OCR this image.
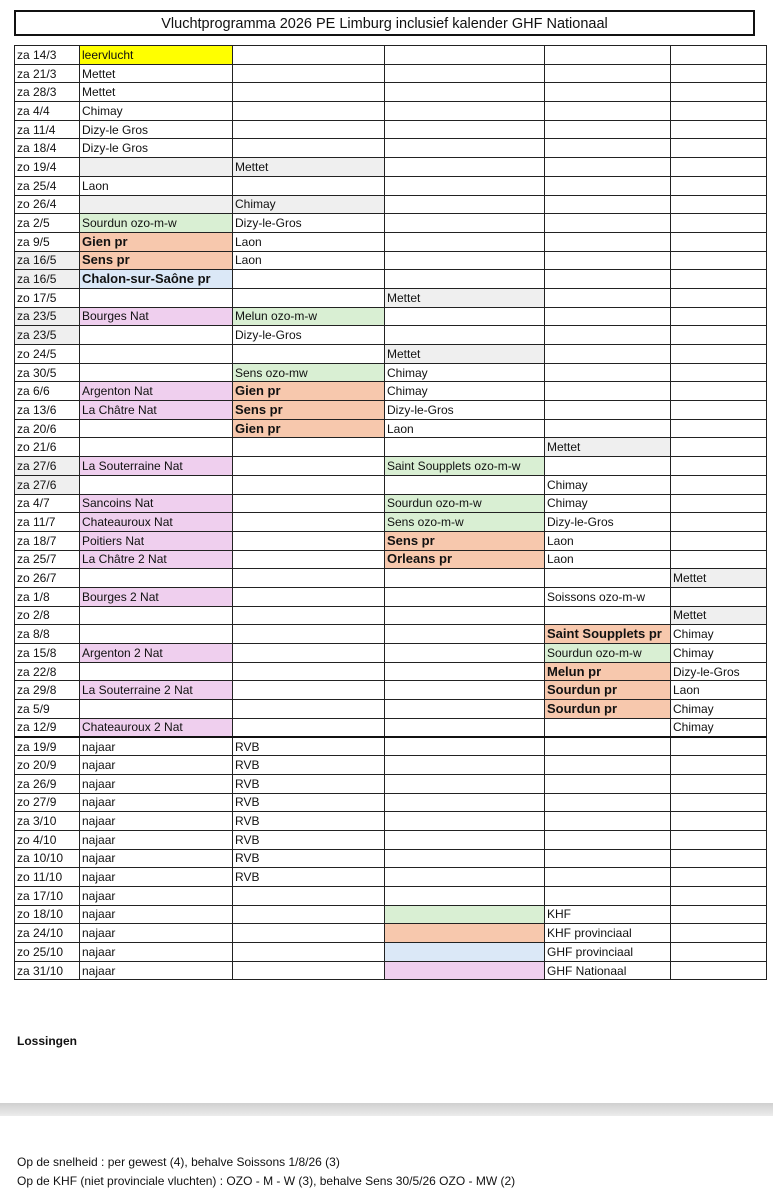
Vluchtprogramma 2026 PE Limburg inclusief kalender GHF Nationaal
za 14/3	leervlucht				
za 21/3	Mettet				
za 28/3	Mettet				
za 4/4	Chimay				
za 11/4	Dizy-le Gros				
za 18/4	Dizy-le Gros				
zo 19/4		Mettet			
za 25/4	Laon				
zo 26/4		Chimay			
za 2/5	Sourdun ozo-m-w	Dizy-le-Gros			
za 9/5	Gien pr	Laon			
za 16/5	Sens pr	Laon			
za 16/5	Chalon-sur-Saône pr				
zo 17/5			Mettet		
za 23/5	Bourges Nat	Melun ozo-m-w			
za 23/5		Dizy-le-Gros			
zo 24/5			Mettet		
za 30/5		Sens ozo-mw	Chimay		
za 6/6	Argenton Nat	Gien pr	Chimay		
za 13/6	La Châtre Nat	Sens pr	Dizy-le-Gros		
za 20/6		Gien pr	Laon		
zo 21/6				Mettet	
za 27/6	La Souterraine Nat		Saint Soupplets ozo-m-w		
za 27/6				Chimay	
za 4/7	Sancoins Nat		Sourdun ozo-m-w	Chimay	
za 11/7	Chateauroux Nat		Sens ozo-m-w	Dizy-le-Gros	
za 18/7	Poitiers Nat		Sens pr	Laon	
za 25/7	La Châtre 2 Nat		Orleans pr	Laon	
zo 26/7					Mettet
za 1/8	Bourges 2 Nat			Soissons ozo-m-w	
zo 2/8					Mettet
za 8/8				Saint Soupplets pr	Chimay
za 15/8	Argenton 2 Nat			Sourdun ozo-m-w	Chimay
za 22/8				Melun pr	Dizy-le-Gros
za 29/8	La Souterraine 2 Nat			Sourdun pr	Laon
za 5/9				Sourdun pr	Chimay
za 12/9	Chateauroux 2 Nat				Chimay
za 19/9	najaar	RVB			
zo 20/9	najaar	RVB			
za 26/9	najaar	RVB			
zo 27/9	najaar	RVB			
za 3/10	najaar	RVB			
zo 4/10	najaar	RVB			
za 10/10	najaar	RVB			
zo 11/10	najaar	RVB			
za 17/10	najaar				
zo 18/10	najaar			KHF	
za 24/10	najaar			KHF provinciaal	
zo 25/10	najaar			GHF provinciaal	
za 31/10	najaar			GHF Nationaal	
Lossingen
Op de snelheid : per gewest (4), behalve Soissons 1/8/26 (3)
Op de KHF (niet provinciale vluchten) : OZO - M - W (3), behalve Sens 30/5/26 OZO - MW (2)
